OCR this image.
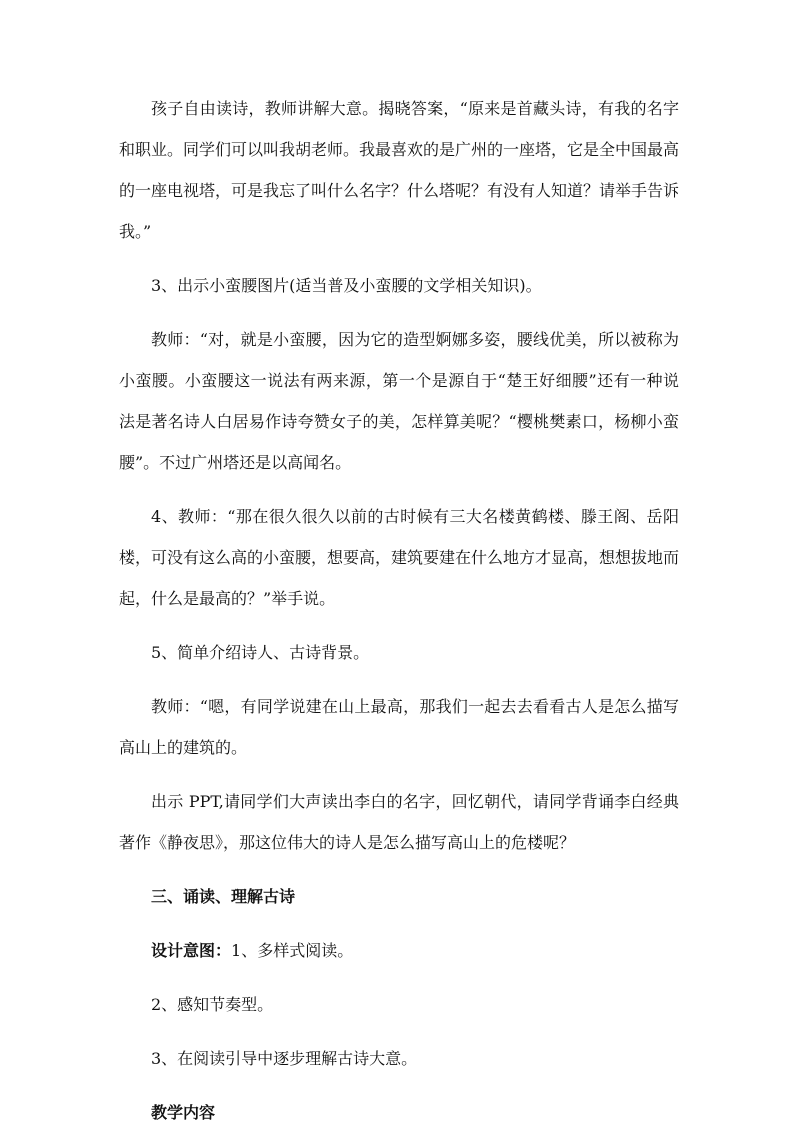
孩子自由读诗，教师讲解大意。揭晓答案，“原来是首藏头诗，有我的名字和职业。同学们可以叫我胡老师。我最喜欢的是广州的一座塔，它是全中国最高的一座电视塔，可是我忘了叫什么名字？什么塔呢？有没有人知道？请举手告诉我。”

3、出示小蛮腰图片(适当普及小蛮腰的文学相关知识)。

教师：“对，就是小蛮腰，因为它的造型婀娜多姿，腰线优美，所以被称为小蛮腰。小蛮腰这一说法有两来源，第一个是源自于“楚王好细腰”还有一种说法是著名诗人白居易作诗夸赞女子的美，怎样算美呢？“樱桃樊素口，杨柳小蛮腰”。不过广州塔还是以高闻名。

4、教师：“那在很久很久以前的古时候有三大名楼黄鹤楼、滕王阁、岳阳楼，可没有这么高的小蛮腰，想要高，建筑要建在什么地方才显高，想想拔地而起，什么是最高的？”举手说。

5、简单介绍诗人、古诗背景。

教师：“嗯，有同学说建在山上最高，那我们一起去去看看古人是怎么描写高山上的建筑的。

出示 PPT,请同学们大声读出李白的名字，回忆朝代，请同学背诵李白经典著作《静夜思》，那这位伟大的诗人是怎么描写高山上的危楼呢？

三、诵读、理解古诗

设计意图：1、多样式阅读。

2、感知节奏型。

3、在阅读引导中逐步理解古诗大意。

教学内容
